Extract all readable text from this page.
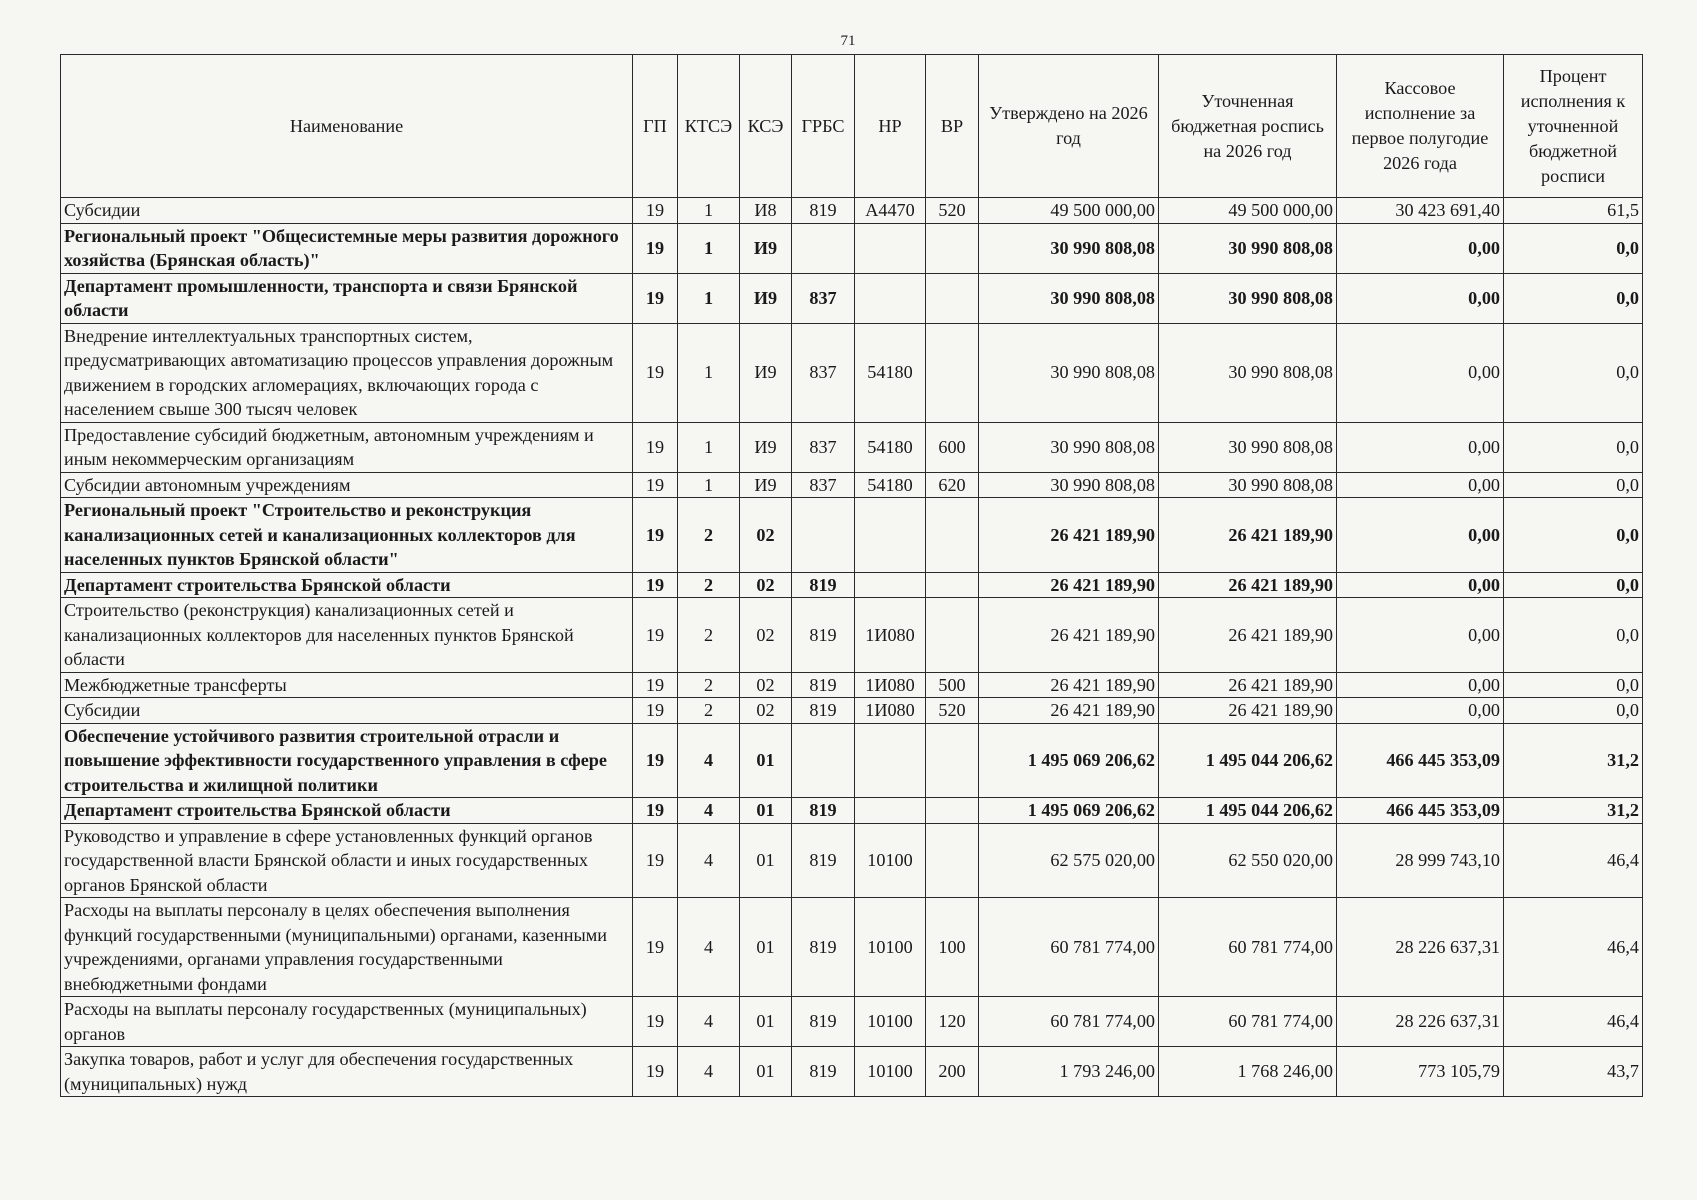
71
Наименование	ГП	КТСЭ	КСЭ	ГРБС	НР	ВР	Утверждено на 2026 год	Уточненная бюджетная роспись на 2026 год	Кассовое исполнение за первое полугодие 2026 года	Процент исполнения к уточненной бюджетной росписи
Субсидии	19	1	И8	819	А4470	520	49 500 000,00	49 500 000,00	30 423 691,40	61,5
Региональный проект "Общесистемные меры развития дорожного хозяйства (Брянская область)"	19	1	И9				30 990 808,08	30 990 808,08	0,00	0,0
Департамент промышленности, транспорта и связи Брянской области	19	1	И9	837			30 990 808,08	30 990 808,08	0,00	0,0
Внедрение интеллектуальных транспортных систем, предусматривающих автоматизацию процессов управления дорожным движением в городских агломерациях, включающих города с населением свыше 300 тысяч человек	19	1	И9	837	54180		30 990 808,08	30 990 808,08	0,00	0,0
Предоставление субсидий бюджетным, автономным учреждениям и иным некоммерческим организациям	19	1	И9	837	54180	600	30 990 808,08	30 990 808,08	0,00	0,0
Субсидии автономным учреждениям	19	1	И9	837	54180	620	30 990 808,08	30 990 808,08	0,00	0,0
Региональный проект "Строительство и реконструкция канализационных сетей и канализационных коллекторов для населенных пунктов Брянской области"	19	2	02				26 421 189,90	26 421 189,90	0,00	0,0
Департамент строительства Брянской области	19	2	02	819			26 421 189,90	26 421 189,90	0,00	0,0
Строительство (реконструкция) канализационных сетей и канализационных коллекторов для населенных пунктов Брянской области	19	2	02	819	1И080		26 421 189,90	26 421 189,90	0,00	0,0
Межбюджетные трансферты	19	2	02	819	1И080	500	26 421 189,90	26 421 189,90	0,00	0,0
Субсидии	19	2	02	819	1И080	520	26 421 189,90	26 421 189,90	0,00	0,0
Обеспечение устойчивого развития строительной отрасли и повышение эффективности государственного управления в сфере строительства и жилищной политики	19	4	01				1 495 069 206,62	1 495 044 206,62	466 445 353,09	31,2
Департамент строительства Брянской области	19	4	01	819			1 495 069 206,62	1 495 044 206,62	466 445 353,09	31,2
Руководство и управление в сфере установленных функций органов государственной власти Брянской области и иных государственных органов Брянской области	19	4	01	819	10100		62 575 020,00	62 550 020,00	28 999 743,10	46,4
Расходы на выплаты персоналу в целях обеспечения выполнения функций государственными (муниципальными) органами, казенными учреждениями, органами управления государственными внебюджетными фондами	19	4	01	819	10100	100	60 781 774,00	60 781 774,00	28 226 637,31	46,4
Расходы на выплаты персоналу государственных (муниципальных) органов	19	4	01	819	10100	120	60 781 774,00	60 781 774,00	28 226 637,31	46,4
Закупка товаров, работ и услуг для обеспечения государственных (муниципальных) нужд	19	4	01	819	10100	200	1 793 246,00	1 768 246,00	773 105,79	43,7
